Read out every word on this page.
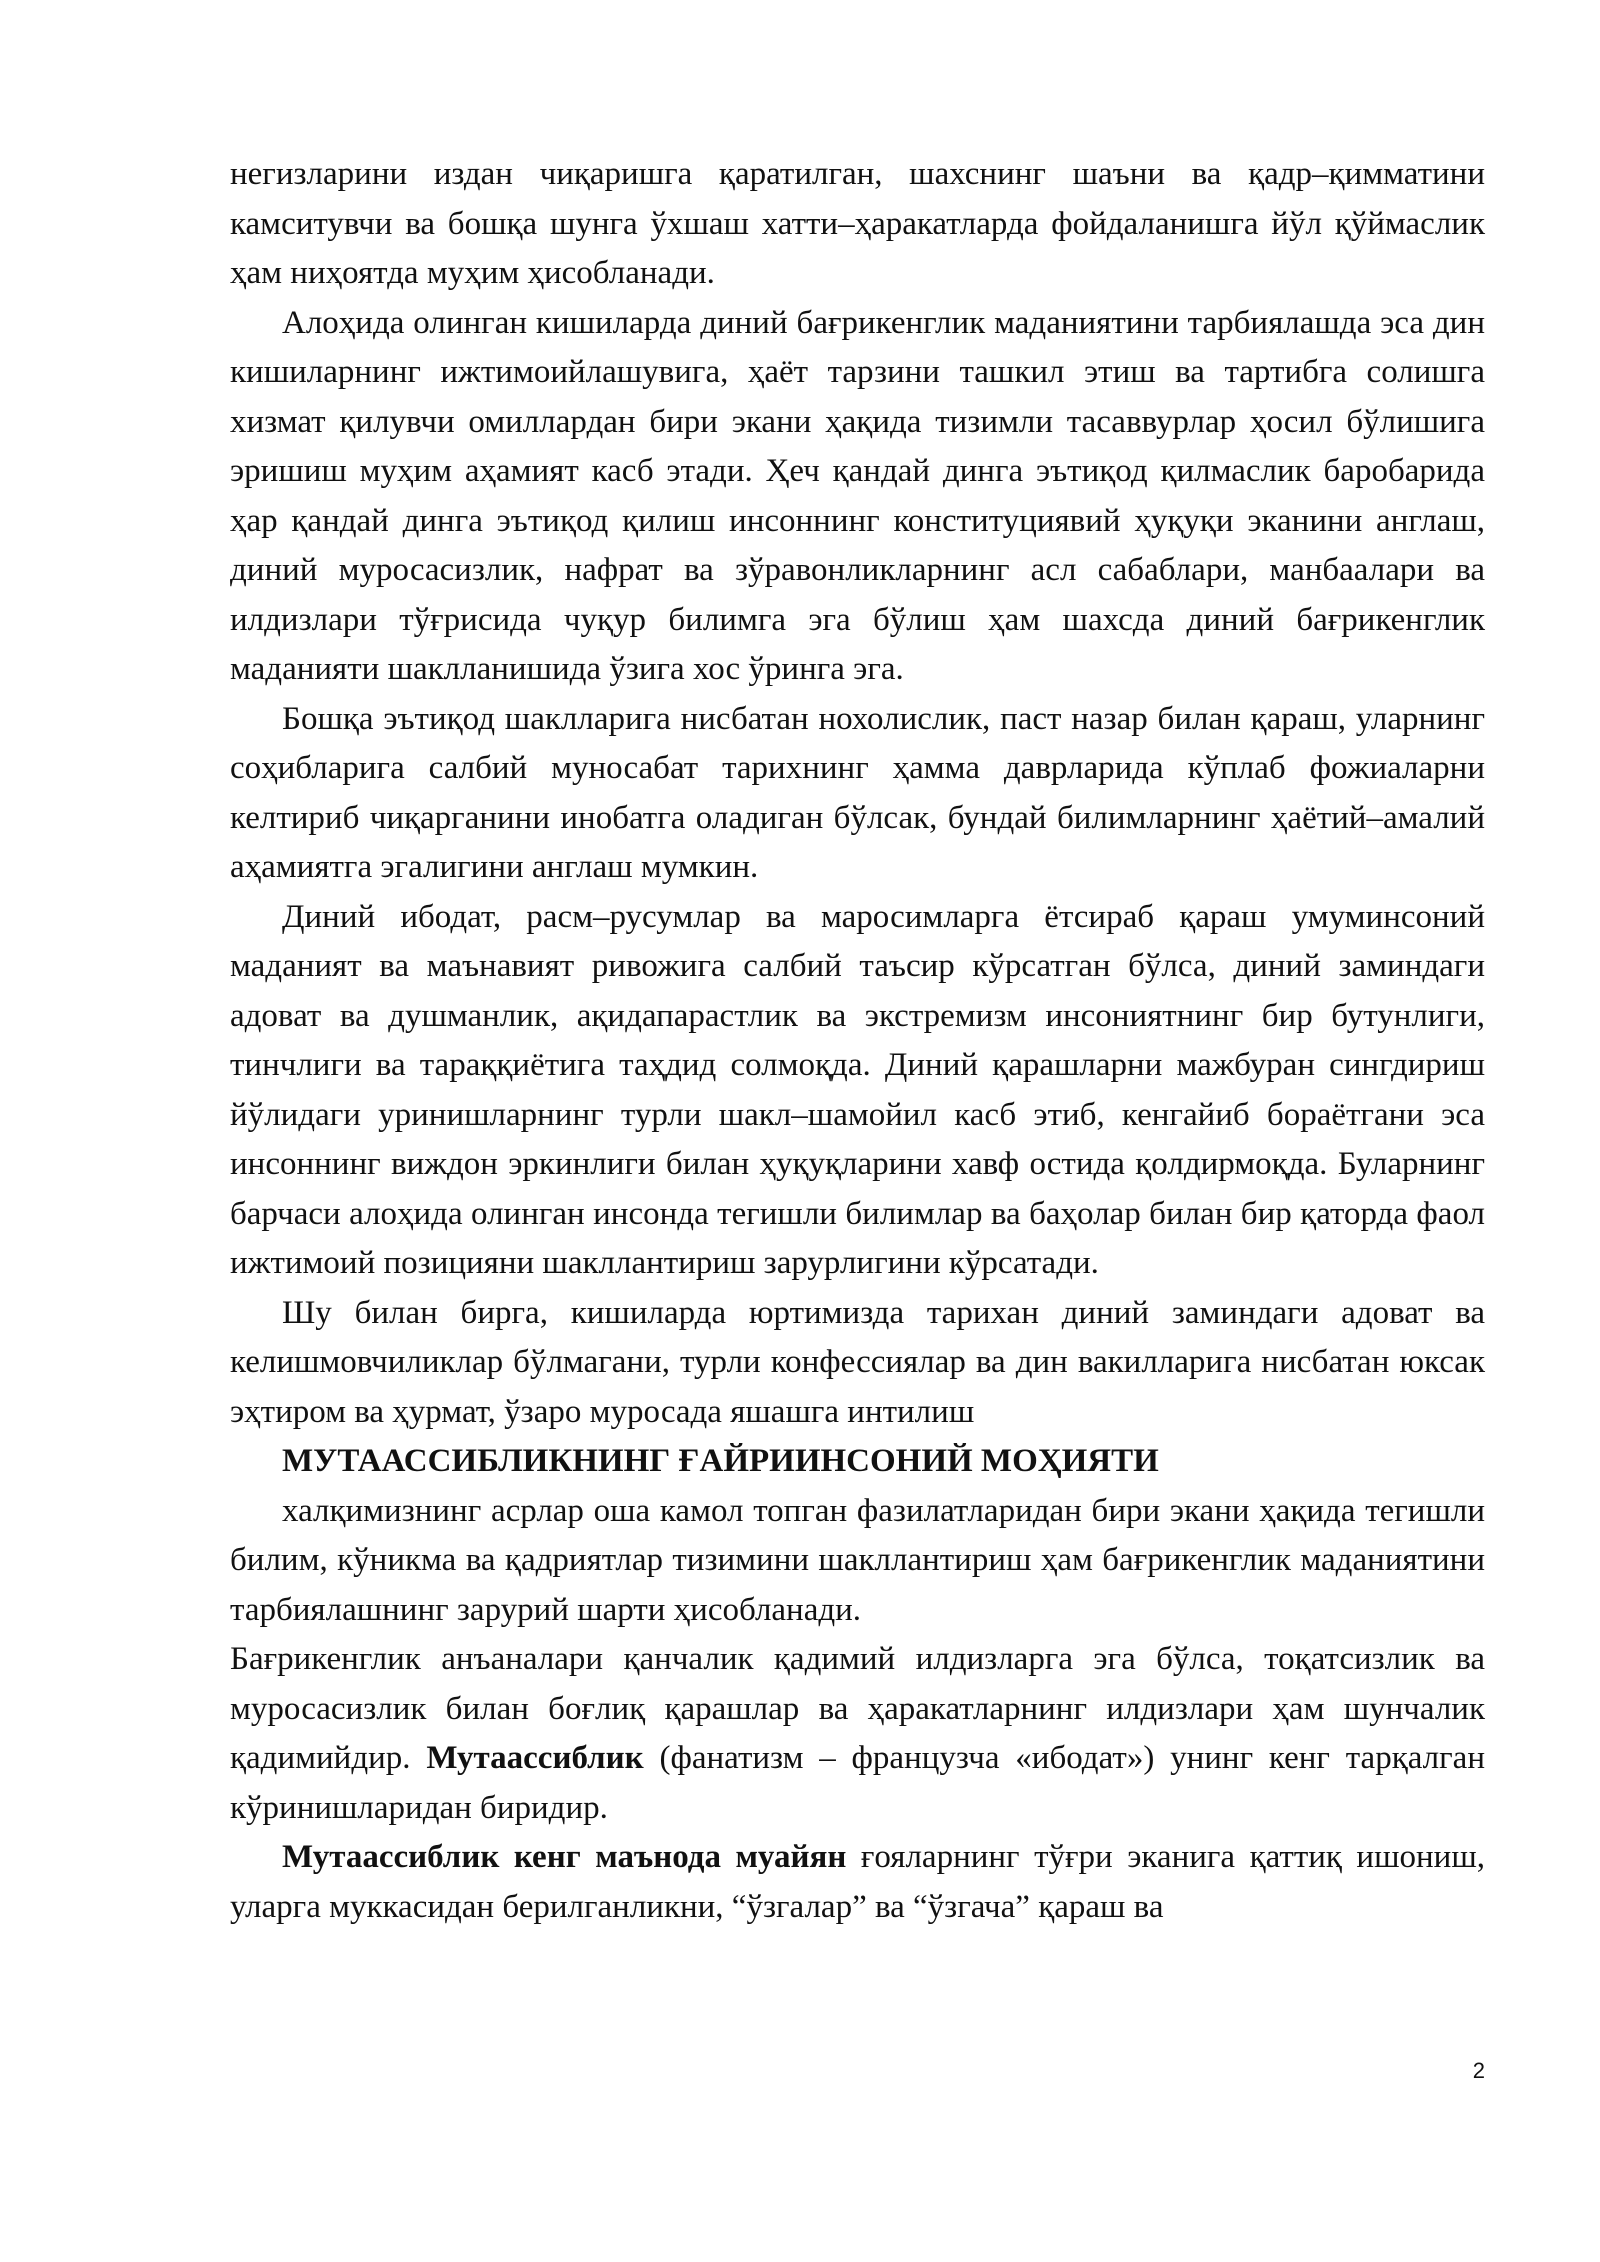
негизларини издан чиқаришга қаратилган, шахснинг шаъни ва қадр–қимматини камситувчи ва бошқа шунга ўхшаш хатти–ҳаракатларда фойдаланишга йўл қўймаслик ҳам ниҳоятда муҳим ҳисобланади.

Алоҳида олинган кишиларда диний бағрикенглик маданиятини тарбиялашда эса дин кишиларнинг ижтимоийлашувига, ҳаёт тарзини ташкил этиш ва тартибга солишга хизмат қилувчи омиллардан бири экани ҳақида тизимли тасаввурлар ҳосил бўлишига эришиш муҳим аҳамият касб этади. Ҳеч қандай динга эътиқод қилмаслик баробарида ҳар қандай динга эътиқод қилиш инсоннинг конституциявий ҳуқуқи эканини англаш, диний муросасизлик, нафрат ва зўравонликларнинг асл сабаблари, манбаалари ва илдизлари тўғрисида чуқур билимга эга бўлиш ҳам шахсда диний бағрикенглик маданияти шаклланишида ўзига хос ўринга эга.

Бошқа эътиқод шаклларига нисбатан нохолислик, паст назар билан қараш, уларнинг соҳибларига салбий муносабат тарихнинг ҳамма даврларида кўплаб фожиаларни келтириб чиқарганини инобатга оладиган бўлсак, бундай билимларнинг ҳаётий–амалий аҳамиятга эгалигини англаш мумкин.

Диний ибодат, расм–русумлар ва маросимларга ётсираб қараш умуминсоний маданият ва маънавият ривожига салбий таъсир кўрсатган бўлса, диний заминдаги адоват ва душманлик, ақидапарастлик ва экстремизм инсониятнинг бир бутунлиги, тинчлиги ва тараққиётига таҳдид солмоқда. Диний қарашларни мажбуран сингдириш йўлидаги уринишларнинг турли шакл–шамойил касб этиб, кенгайиб бораётгани эса инсоннинг виждон эркинлиги билан ҳуқуқларини хавф остида қолдирмоқда. Буларнинг барчаси алоҳида олинган инсонда тегишли билимлар ва баҳолар билан бир қаторда фаол ижтимоий позицияни шакллантириш зарурлигини кўрсатади.

Шу билан бирга, кишиларда юртимизда тарихан диний заминдаги адоват ва келишмовчиликлар бўлмагани, турли конфессиялар ва дин вакилларига нисбатан юксак эҳтиром ва ҳурмат, ўзаро муросада яшашга интилиш

МУТААССИБЛИКНИНГ ҒАЙРИИНСОНИЙ МОҲИЯТИ

халқимизнинг асрлар оша камол топган фазилатларидан бири экани ҳақида тегишли билим, кўникма ва қадриятлар тизимини шакллантириш ҳам бағрикенглик маданиятини тарбиялашнинг зарурий шарти ҳисобланади.

Бағрикенглик анъаналари қанчалик қадимий илдизларга эга бўлса, тоқатсизлик ва муросасизлик билан боғлиқ қарашлар ва ҳаракатларнинг илдизлари ҳам шунчалик қадимийдир. Мутаассиблик (фанатизм – французча «ибодат») унинг кенг тарқалган кўринишларидан биридир.

Мутаассиблик кенг маънода муайян ғояларнинг тўғри эканига қаттиқ ишониш, уларга муккасидан берилганликни, “ўзгалар” ва “ўзгача” қараш ва

2
